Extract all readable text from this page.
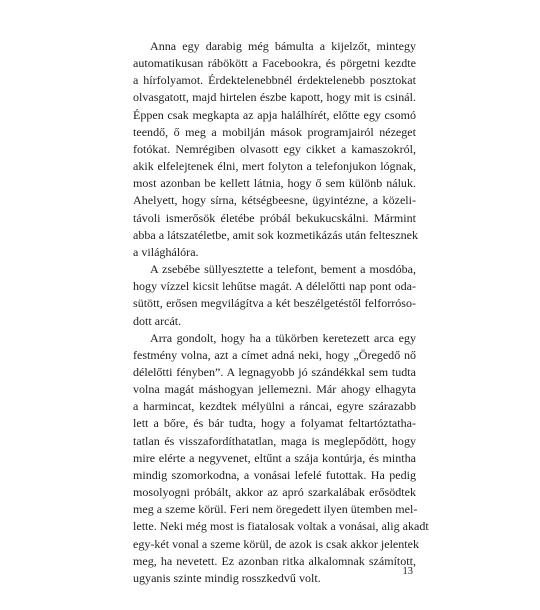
Anna egy darabig még bámulta a kijelzőt, mintegy
automatikusan rábökött a Facebookra, és pörgetni kezdte
a hírfolyamot. Érdektelenebbnél érdektelenebb posztokat
olvasgatott, majd hirtelen észbe kapott, hogy mit is csinál.
Éppen csak megkapta az apja halálhírét, előtte egy csomó
teendő, ő meg a mobilján mások programjairól nézeget
fotókat. Nemrégiben olvasott egy cikket a kamaszokról,
akik elfelejtenek élni, mert folyton a telefonjukon lógnak,
most azonban be kellett látnia, hogy ő sem különb náluk.
Ahelyett, hogy sírna, kétségbeesne, ügyintézne, a közeli-
távoli ismerősök életébe próbál bekukucskálni. Mármint
abba a látszatéletbe, amit sok kozmetikázás után feltesznek
a világhálóra.

A zsebébe süllyesztette a telefont, bement a mosdóba,
hogy vízzel kicsit lehűtse magát. A délelőtti nap pont oda-
sütött, erősen megvilágítva a két beszélgetéstől felforróso-
dott arcát.

Arra gondolt, hogy ha a tükörben keretezett arca egy
festmény volna, azt a címet adná neki, hogy „Öregedő nő
délelőtti fényben”. A legnagyobb jó szándékkal sem tudta
volna magát máshogyan jellemezni. Már ahogy elhagyta
a harmincat, kezdtek mélyülni a ráncai, egyre szárazabb
lett a bőre, és bár tudta, hogy a folyamat feltartóztatha-
tatlan és visszafordíthatatlan, maga is meglepődött, hogy
mire elérte a negyvenet, eltűnt a szája kontúrja, és mintha
mindig szomorkodna, a vonásai lefelé futottak. Ha pedig
mosolyogni próbált, akkor az apró szarkalábak erősödtek
meg a szeme körül. Feri nem öregedett ilyen ütemben mel-
lette. Neki még most is fiatalosak voltak a vonásai, alig akadt
egy-két vonal a szeme körül, de azok is csak akkor jelentek
meg, ha nevetett. Ez azonban ritka alkalomnak számított,
ugyanis szinte mindig rosszkedvű volt.	13
